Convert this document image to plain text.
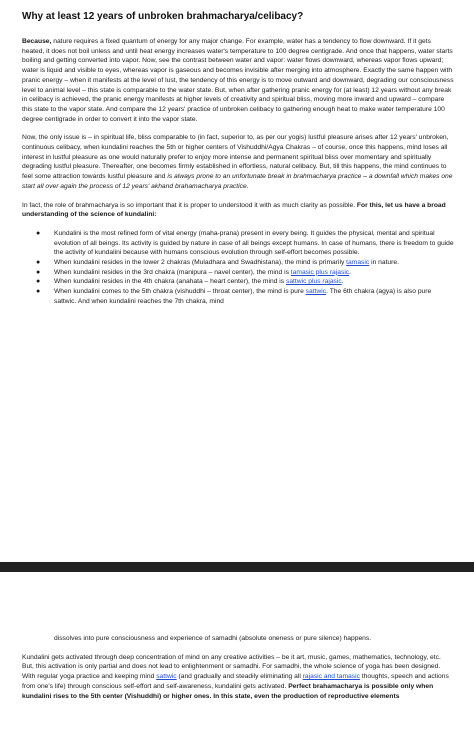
Why at least 12 years of unbroken brahmacharya/celibacy?

Because, nature requires a fixed quantum of energy for any major change. For example, water has a tendency to flow downward. If it gets heated, it does not boil unless and until heat energy increases water's temperature to 100 degree centigrade. And once that happens, water starts boiling and getting converted into vapor. Now, see the contrast between water and vapor: water flows downward, whereas vapor flows upward; water is liquid and visible to eyes, whereas vapor is gaseous and becomes invisible after merging into atmosphere. Exactly the same happen with pranic energy – when it manifests at the level of lust, the tendency of this energy is to move outward and downward, degrading our consciousness level to animal level – this state is comparable to the water state. But, when after gathering pranic energy for (at least) 12 years without any break in celibacy is achieved, the pranic energy manifests at higher levels of creativity and spiritual bliss, moving more inward and upward – compare this state to the vapor state. And compare the 12 years' practice of unbroken celibacy to gathering enough heat to make water temperature 100 degree centigrade in order to convert it into the vapor state.

Now, the only issue is – in spiritual life, bliss comparable to (in fact, superior to, as per our yogis) lustful pleasure arises after 12 years' unbroken, continuous celibacy, when kundalini reaches the 5th or higher centers of Vishuddhi/Agya Chakras – of course, once this happens, mind loses all interest in lustful pleasure as one would naturally prefer to enjoy more intense and permanent spiritual bliss over momentary and spiritually degrading lustful pleasure. Thereafter, one becomes firmly established in effortless, natural celibacy. But, till this happens, the mind continues to feel some attraction towards lustful pleasure and is always prone to an unfortunate break in brahmacharya practice – a downfall which makes one start all over again the process of 12 years' akhand brahamacharya practice.

In fact, the role of brahmacharya is so important that it is proper to understood it with as much clarity as possible. For this, let us have a broad understanding of the science of kundalini:

● Kundalini is the most refined form of vital energy (maha-prana) present in every being. It guides the physical, mental and spiritual evolution of all beings. Its activity is guided by nature in case of all beings except humans. In case of humans, there is freedom to guide the activity of kundalini because with humans conscious evolution through self-effort becomes possible.
● When kundalini resides in the lower 2 chakras (Muladhara and Swadhistana), the mind is primarily tamasic in nature.
● When kundalini resides in the 3rd chakra (manipura – navel center), the mind is tamasic plus rajasic.
● When kundalini resides in the 4th chakra (anahata – heart center), the mind is sattwic plus rajasic.
● When kundalini comes to the 5th chakra (vishuddhi – throat center), the mind is pure sattwic. The 6th chakra (agya) is also pure sattwic. And when kundalini reaches the 7th chakra, mind

dissolves into pure consciousness and experience of samadhi (absolute oneness or pure silence) happens.

Kundalini gets activated through deep concentration of mind on any creative activities – be it art, music, games, mathematics, technology, etc. But, this activation is only partial and does not lead to enlightenment or samadhi. For samadhi, the whole science of yoga has been designed.

With regular yoga practice and keeping mind sattwic (and gradually and steadily eliminating all rajasic and tamasic thoughts, speech and actions from one's life) through conscious self-effort and self-awareness, kundalini gets activated. Perfect brahamacharya is possible only when kundalini rises to the 5th center (Vishuddhi) or higher ones. In this state, even the production of reproductive elements
